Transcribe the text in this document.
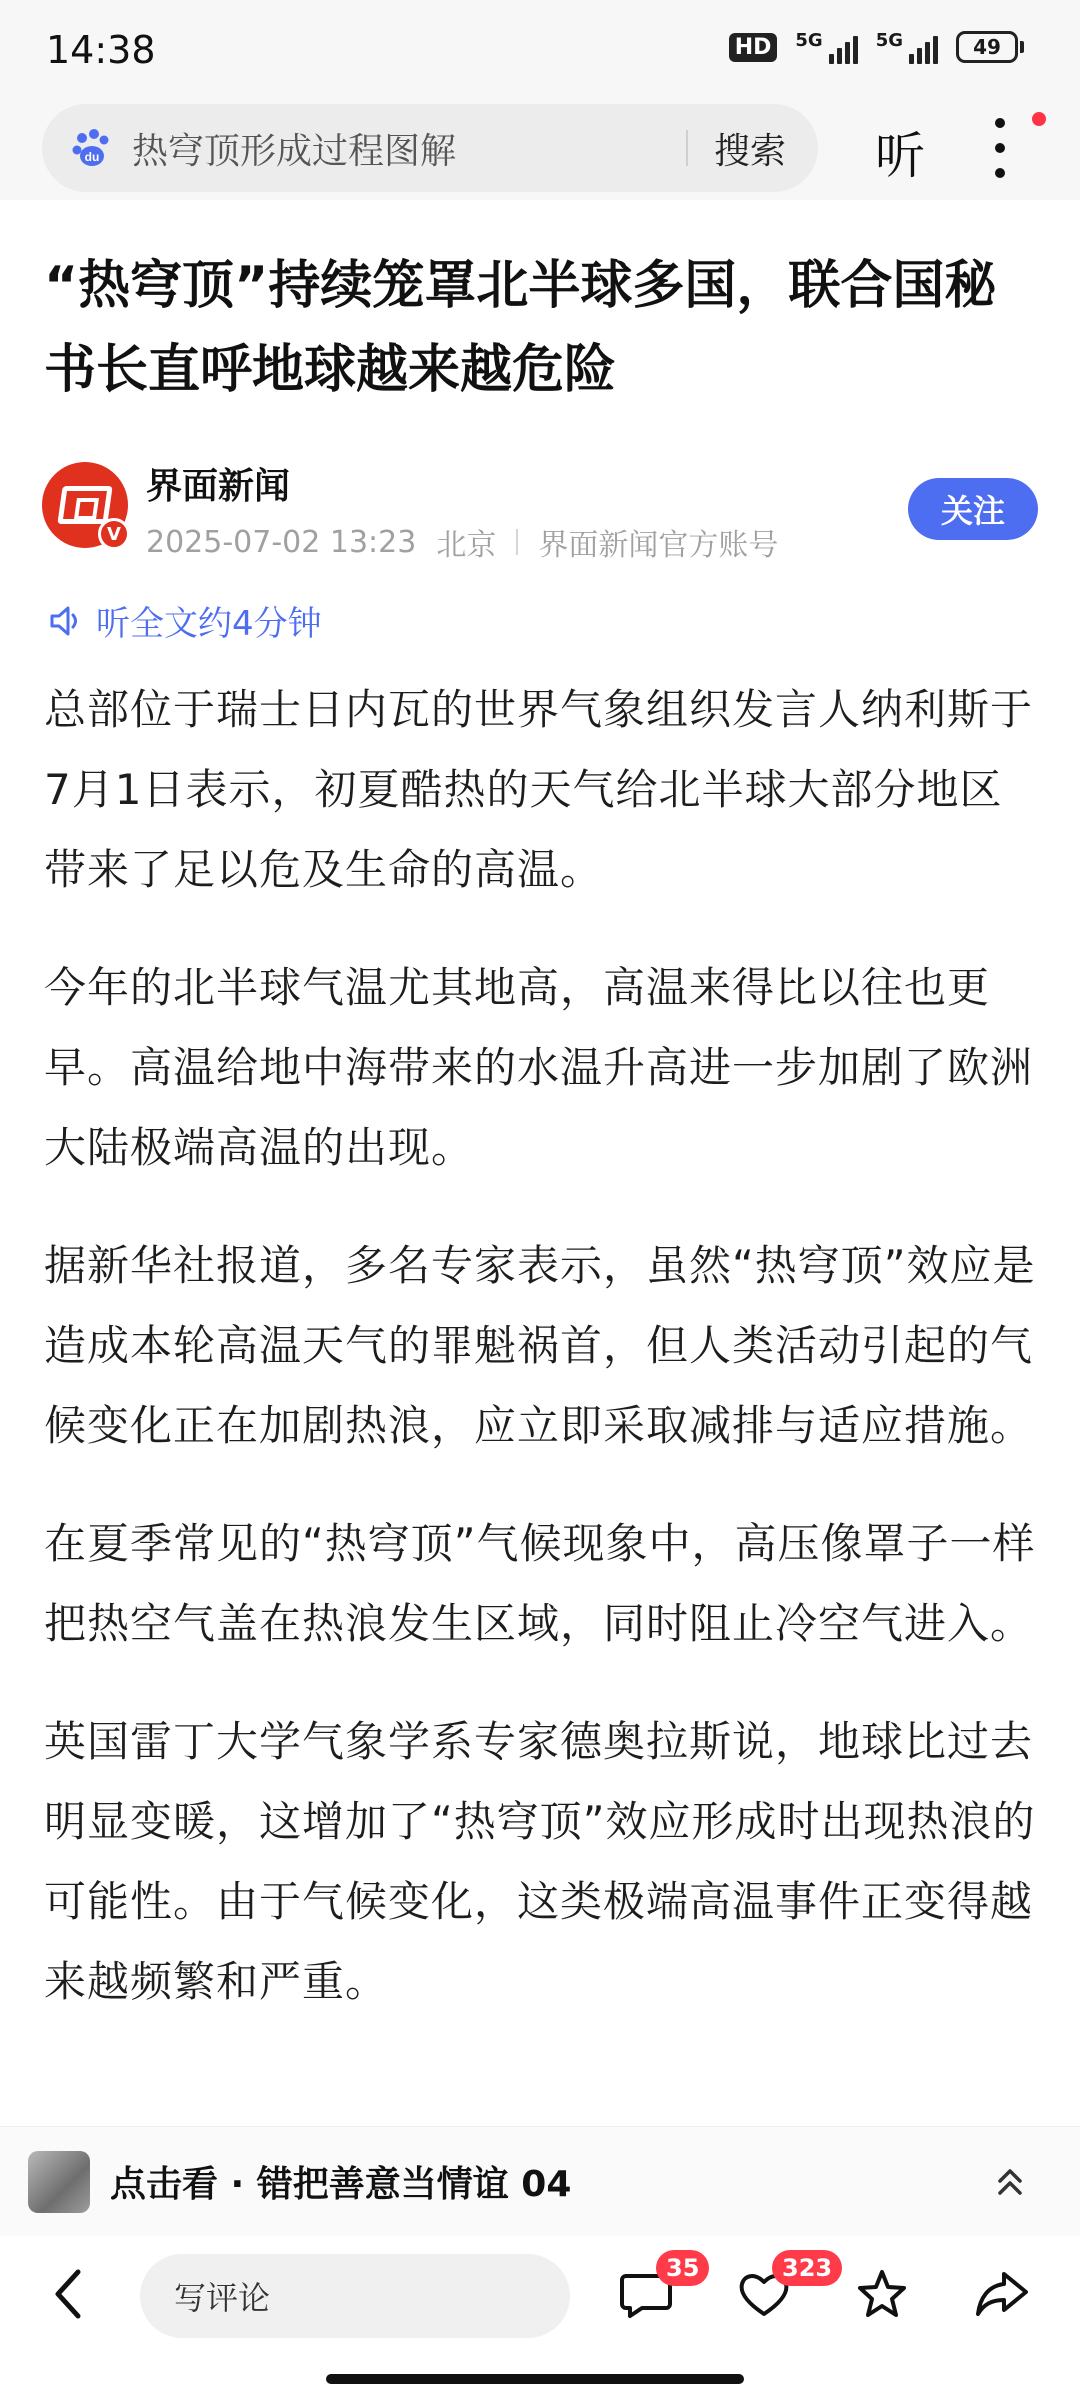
14:38	HD	5G	5G	49
du 热穹顶形成过程图解	搜索	听
“热穹顶”持续笼罩北半球多国，联合国秘书长直呼地球越来越危险
V
界面新闻
2025-07-02 13:23 北京 界面新闻官方账号
关注
听全文约4分钟

总部位于瑞士日内瓦的世界气象组织发言人纳利斯于7月1日表示，初夏酷热的天气给北半球大部分地区带来了足以危及生命的高温。

今年的北半球气温尤其地高，高温来得比以往也更早。高温给地中海带来的水温升高进一步加剧了欧洲大陆极端高温的出现。

据新华社报道，多名专家表示，虽然“热穹顶”效应是造成本轮高温天气的罪魁祸首，但人类活动引起的气候变化正在加剧热浪，应立即采取减排与适应措施。

在夏季常见的“热穹顶”气候现象中，高压像罩子一样把热空气盖在热浪发生区域，同时阻止冷空气进入。

英国雷丁大学气象学系专家德奥拉斯说，地球比过去明显变暖，这增加了“热穹顶”效应形成时出现热浪的可能性。由于气候变化，这类极端高温事件正变得越来越频繁和严重。

点击看 · 错把善意当情谊 04
写评论
35	323
